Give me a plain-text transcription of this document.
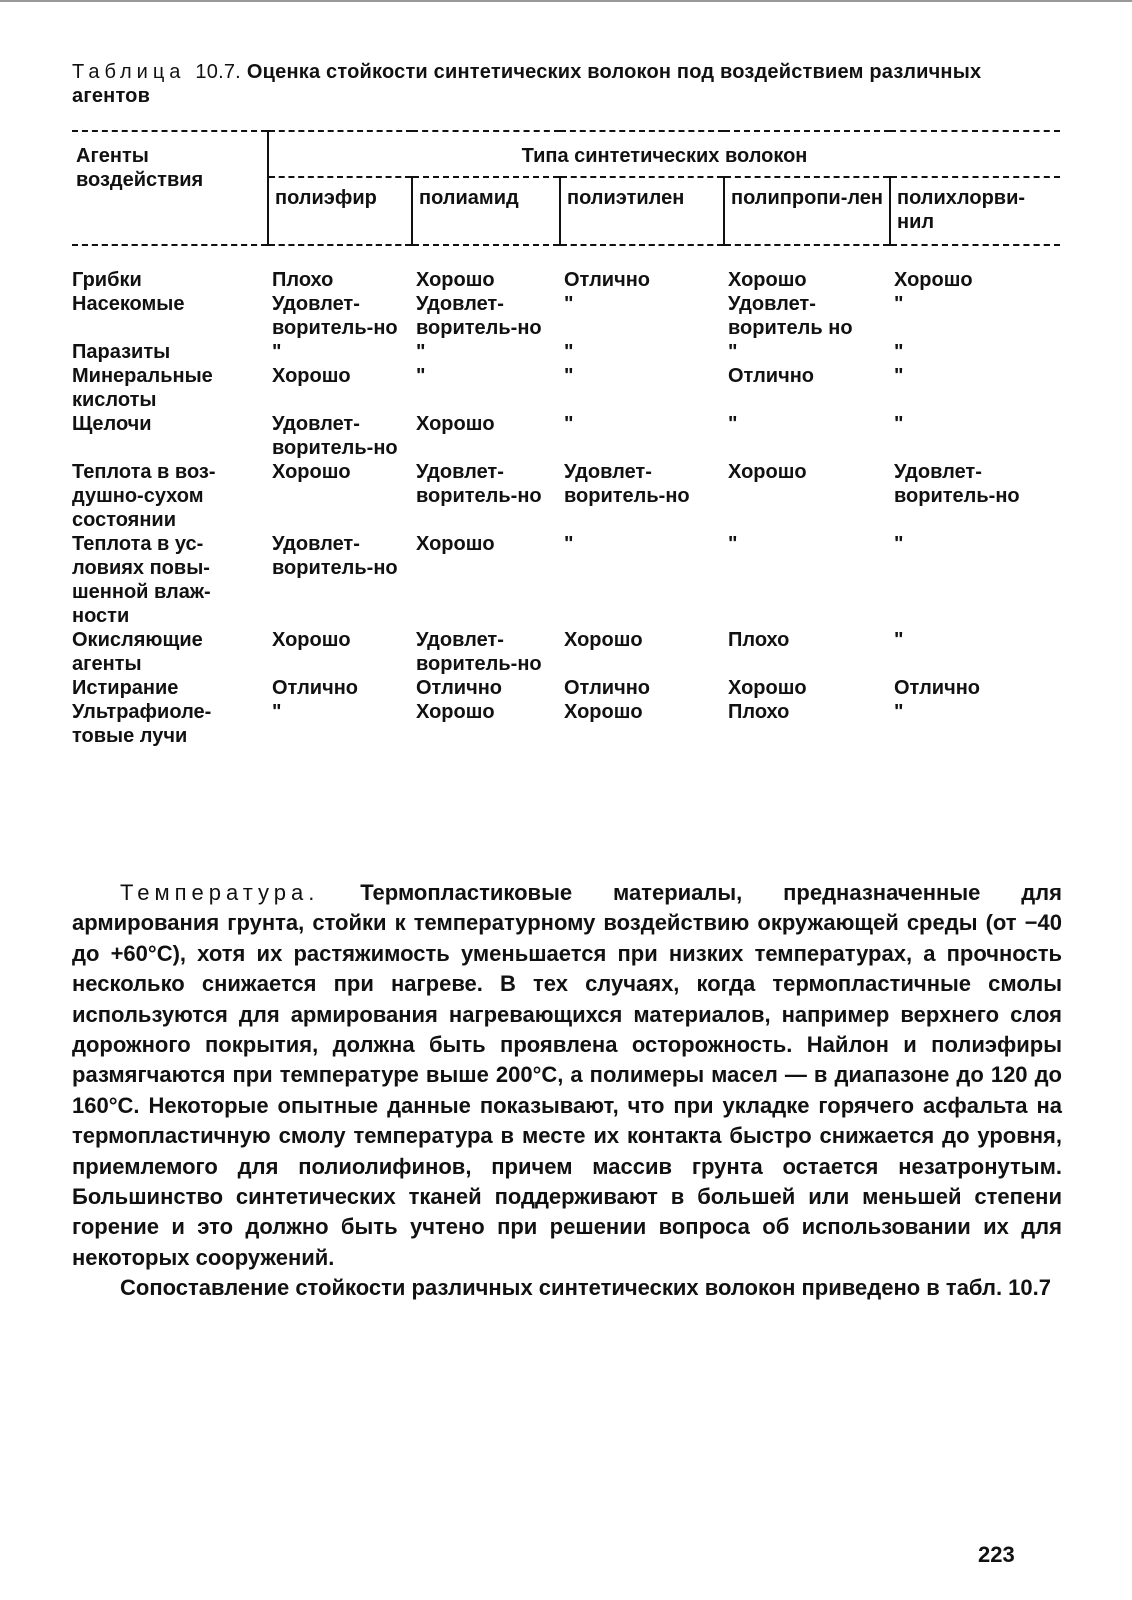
Таблица 10.7. Оценка стойкости синтетических волокон под воздействием различных агентов
Агенты воздействия	Типа синтетических волокон				
	полиэфир	полиамид	полиэтилен	полипропи-лен	полихлорви-нил
Грибки	Плохо	Хорошо	Отлично	Хорошо	Хорошо
Насекомые	Удовлет-воритель-но	Удовлет-воритель-но	"	Удовлет-воритель но	"
Паразиты	"	"	"	"	"
Минеральные кислоты	Хорошо	"	"	Отлично	"
Щелочи	Удовлет-воритель-но	Хорошо	"	"	"
Теплота в воз-душно-сухом состоянии	Хорошо	Удовлет-воритель-но	Удовлет-воритель-но	Хорошо	Удовлет-воритель-но
Теплота в ус-ловиях повы-шенной влаж-ности	Удовлет-воритель-но	Хорошо	"	"	"
Окисляющие агенты	Хорошо	Удовлет-воритель-но	Хорошо	Плохо	"
Истирание	Отлично	Отлично	Отлично	Хорошо	Отлично
Ультрафиоле-товые лучи	"	Хорошо	Хорошо	Плохо	"

Температура. Термопластиковые материалы, предназначенные для армирования грунта, стойки к температурному воздействию окружающей среды (от −40 до +60°C), хотя их растяжимость уменьшается при низких температурах, а прочность несколько снижается при нагреве. В тех случаях, когда термопластичные смолы используются для армирования нагревающихся материалов, например верхнего слоя дорожного покрытия, должна быть проявлена осторожность. Найлон и полиэфиры размягчаются при температуре выше 200°C, а полимеры масел — в диапазоне до 120 до 160°C. Некоторые опытные данные показывают, что при укладке горячего асфальта на термопластичную смолу температура в месте их контакта быстро снижается до уровня, приемлемого для полиолифинов, причем массив грунта остается незатронутым. Большинство синтетических тканей поддерживают в большей или меньшей степени горение и это должно быть учтено при решении вопроса об использовании их для некоторых сооружений.

Сопоставление стойкости различных синтетических волокон приведено в табл. 10.7

223
